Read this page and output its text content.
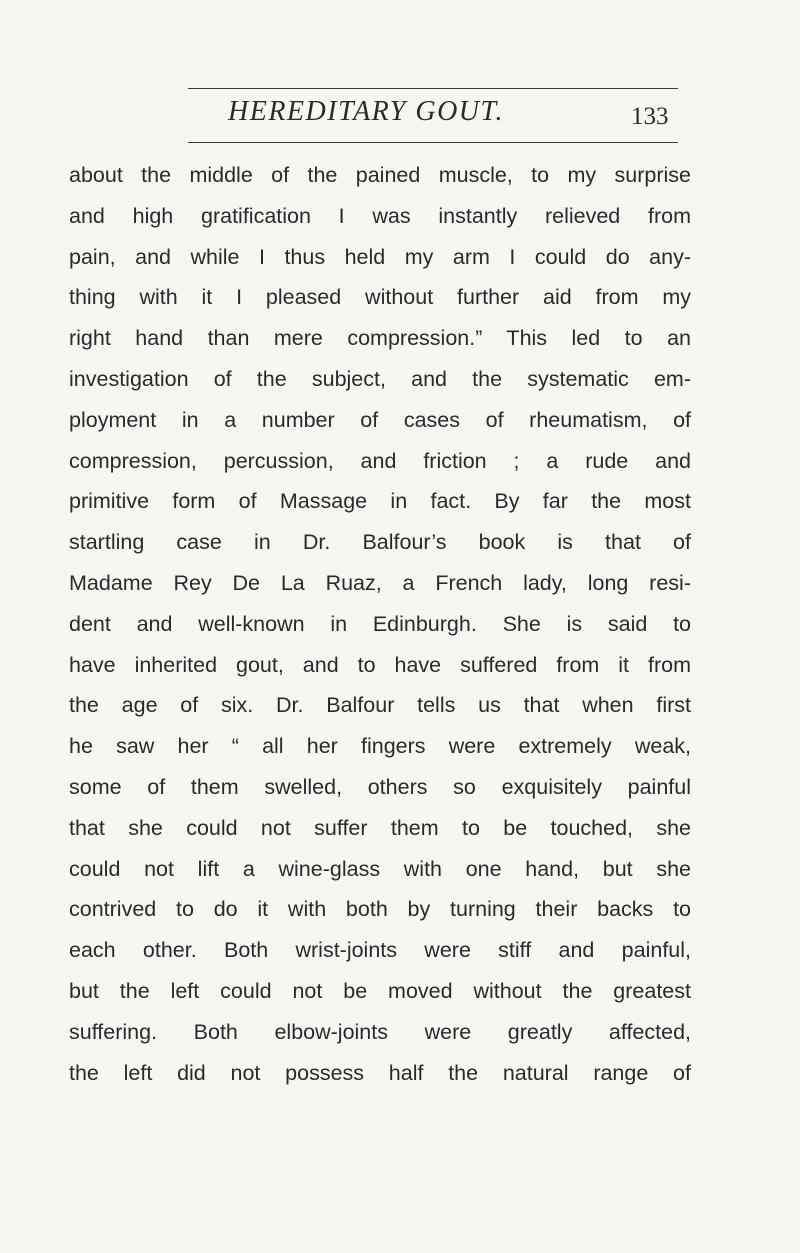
HEREDITARY GOUT.	133
about the middle of the pained muscle, to my surprise
and high gratification I was instantly relieved from
pain, and while I thus held my arm I could do any-
thing with it I pleased without further aid from my
right hand than mere compression.” This led to an
investigation of the subject, and the systematic em-
ployment in a number of cases of rheumatism, of
compression, percussion, and friction ; a rude and
primitive form of Massage in fact. By far the most
startling case in Dr. Balfour’s book is that of
Madame Rey De La Ruaz, a French lady, long resi-
dent and well-known in Edinburgh. She is said to
have inherited gout, and to have suffered from it from
the age of six. Dr. Balfour tells us that when first
he saw her “ all her fingers were extremely weak,
some of them swelled, others so exquisitely painful
that she could not suffer them to be touched, she
could not lift a wine-glass with one hand, but she
contrived to do it with both by turning their backs to
each other. Both wrist-joints were stiff and painful,
but the left could not be moved without the greatest
suffering. Both elbow-joints were greatly affected,
the left did not possess half the natural range of
